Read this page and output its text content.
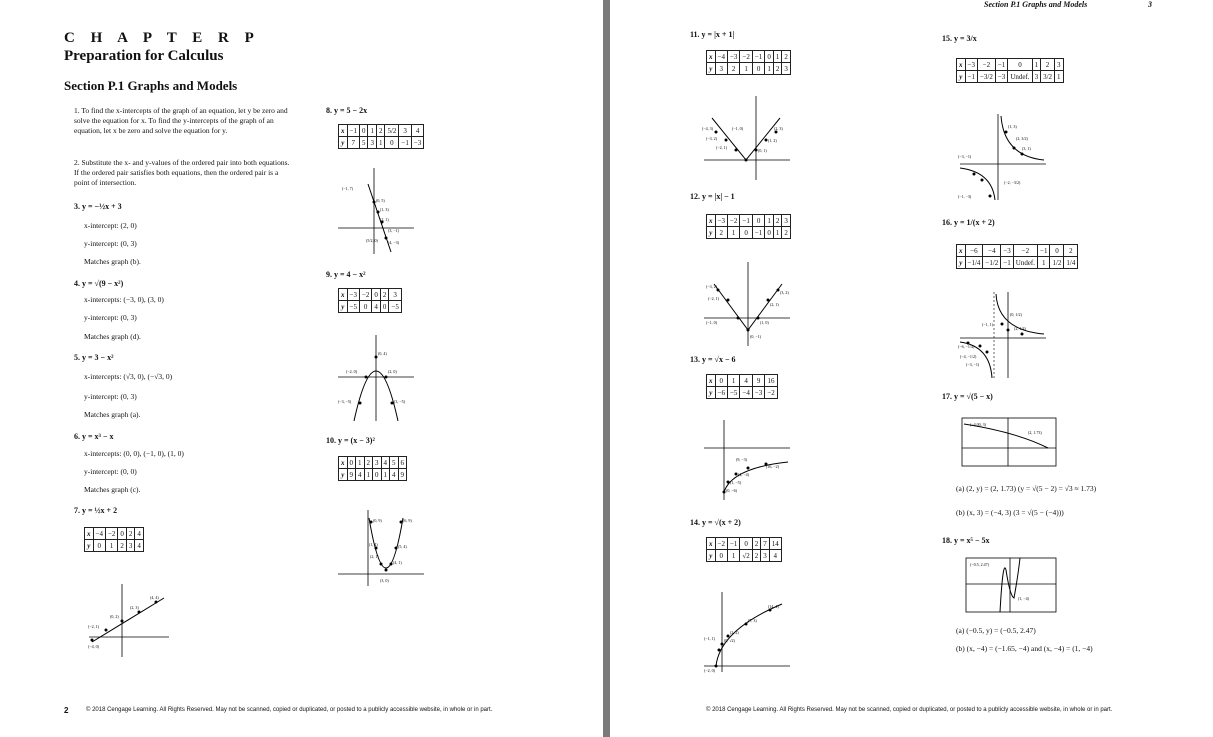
C H A P T E R P
Preparation for Calculus
Section P.1 Graphs and Models
1. To find the x-intercepts of the graph of an equation, let y be zero and solve the equation for x. To find the y-intercepts of the graph of an equation, let x be zero and solve the equation for y.
2. Substitute the x- and y-values of the ordered pair into both equations. If the ordered pair satisfies both equations, then the ordered pair is a point of intersection.
3. y = −½x + 3
x-intercept: (2, 0)
y-intercept: (0, 3)
Matches graph (b).
4. y = √(9 − x²)
x-intercepts: (−3, 0), (3, 0)
y-intercept: (0, 3)
Matches graph (d).
5. y = 3 − x²
x-intercepts: (√3, 0), (−√3, 0)
y-intercept: (0, 3)
Matches graph (a).
6. y = x³ − x
x-intercepts: (0, 0), (−1, 0), (1, 0)
y-intercept: (0, 0)
Matches graph (c).
7. y = ½x + 2
x	−4	−2	0	2	4
y	0	1	2	3	4
(4, 4)
(2, 3)
(0, 2)
(−2, 1)
(−4, 0)
8. y = 5 − 2x
x	−1	0	1	2	5/2	3	4
y	7	5	3	1	0	−1	−3
(−1, 7)
(0, 5)
(1, 3)
(2, 1)
(3, −1)
(5/2, 0)	(4, −3)
9. y = 4 − x²
x	−3	−2	0	2	3
y	−5	0	4	0	−5
(0, 4)
(−2, 0)	(2, 0)
(−3, −5)	(3, −5)
10. y = (x − 3)²
x	0	1	2	3	4	5	6
y	9	4	1	0	1	4	9
(0, 9)	(6, 9)
(1, 4)	(5, 4)
(2, 1)
(4, 1)
(3, 0)
2	© 2018 Cengage Learning. All Rights Reserved. May not be scanned, copied or duplicated, or posted to a publicly accessible website, in whole or in part.
Section P.1 Graphs and Models	3
11. y = |x + 1|
x	−4	−3	−2	−1	0	1	2
y	3	2	1	0	1	2	3
(−4, 3)
(−3, 2)
(−2, 1)
(−1, 0)
(0, 1)
(1, 2)
(2, 3)
12. y = |x| − 1
x	−3	−2	−1	0	1	2	3
y	2	1	0	−1	0	1	2
(−3, 2)
(−2, 1)
(−1, 0)
(0, −1)
(1, 0)
(2, 1)
(3, 2)
13. y = √x − 6
x	0	1	4	9	16
y	−6	−5	−4	−3	−2
(9, −3)
(16, −2)
(4, −4)
(1, −5)
(0, −6)
14. y = √(x + 2)
x	−2	−1	0	2	7	14
y	0	1	√2	2	3	4
(14, 4)
(7, 3)
(2, 2)
(0, √2)
(−1, 1)
(−2, 0)
15. y = 3/x
x	−3	−2	−1	0	1	2	3
y	−1	−3/2	−3	Undef.	3	3/2	1
(1, 3)
(2, 3/2)
(3, 1)
(−3, −1)
(−2, −3/2)
(−1, −3)
16. y = 1/(x + 2)
x	−6	−4	−3	−2	−1	0	2
y	−1/4	−1/2	−1	Undef.	1	1/2	1/4
(−1, 1)
(0, 1/2)
(2, 1/4)
(−3, −1)
(−4, −1/2)
(−6, −1/4)
17. y = √(5 − x)
(−4.00, 3)
(2, 1.73)
(a) (2, y) = (2, 1.73) (y = √(5 − 2) = √3 ≈ 1.73)
(b) (x, 3) = (−4, 3) (3 = √(5 − (−4)))
18. y = x⁵ − 5x
(−0.5, 2.47)
(1, −4)
(a) (−0.5, y) = (−0.5, 2.47)
(b) (x, −4) = (−1.65, −4) and (x, −4) = (1, −4)
© 2018 Cengage Learning. All Rights Reserved. May not be scanned, copied or duplicated, or posted to a publicly accessible website, in whole or in part.
